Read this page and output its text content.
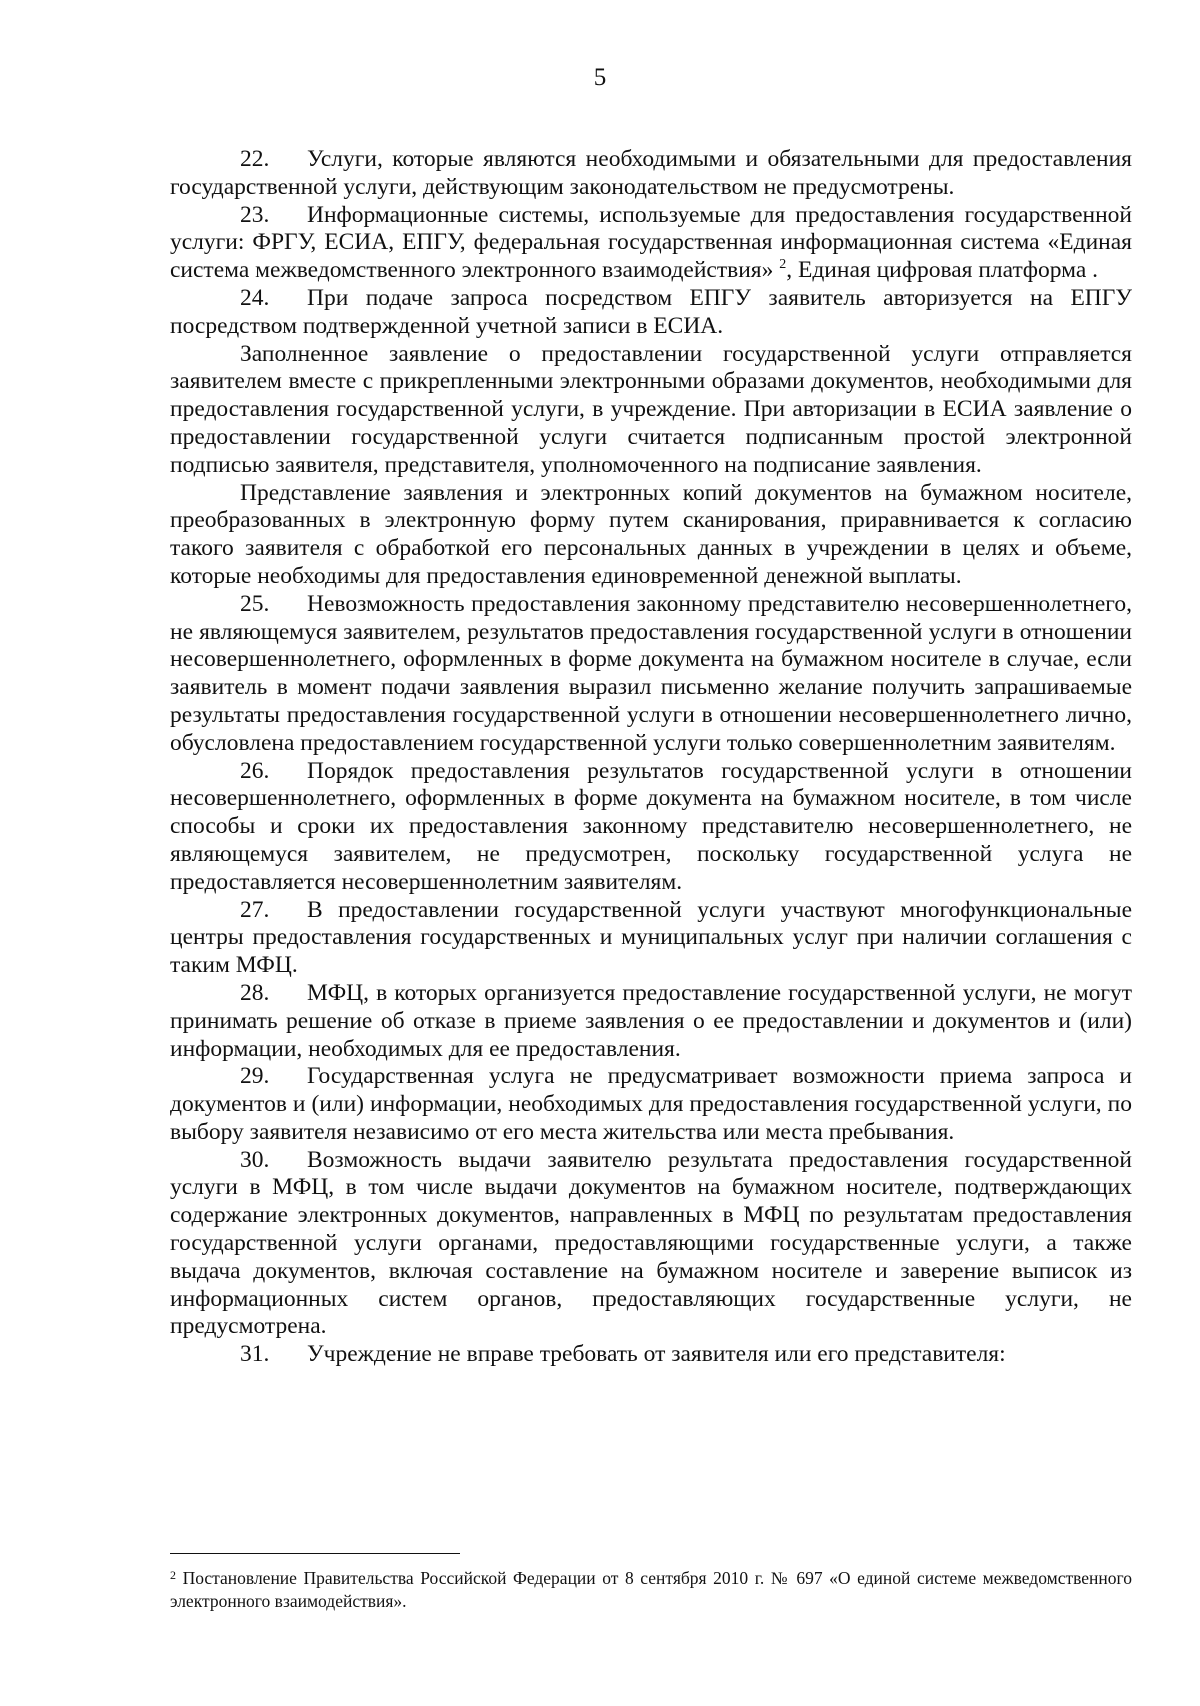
5

22. Услуги, которые являются необходимыми и обязательными для предоставления государственной услуги, действующим законодательством не предусмотрены.

23. Информационные системы, используемые для предоставления государственной услуги: ФРГУ, ЕСИА, ЕПГУ, федеральная государственная информационная система «Единая система межведомственного электронного взаимодействия» $^2$, Единая цифровая платформа .

24. При подаче запроса посредством ЕПГУ заявитель авторизуется на ЕПГУ посредством подтвержденной учетной записи в ЕСИА.

Заполненное заявление о предоставлении государственной услуги отправляется заявителем вместе с прикрепленными электронными образами документов, необходимыми для предоставления государственной услуги, в учреждение. При авторизации в ЕСИА заявление о предоставлении государственной услуги считается подписанным простой электронной подписью заявителя, представителя, уполномоченного на подписание заявления.

Представление заявления и электронных копий документов на бумажном носителе, преобразованных в электронную форму путем сканирования, приравнивается к согласию такого заявителя с обработкой его персональных данных в учреждении в целях и объеме, которые необходимы для предоставления единовременной денежной выплаты.

25. Невозможность предоставления законному представителю несовершеннолетнего, не являющемуся заявителем, результатов предоставления государственной услуги в отношении несовершеннолетнего, оформленных в форме документа на бумажном носителе в случае, если заявитель в момент подачи заявления выразил письменно желание получить запрашиваемые результаты предоставления государственной услуги в отношении несовершеннолетнего лично, обусловлена предоставлением государственной услуги только совершеннолетним заявителям.

26. Порядок предоставления результатов государственной услуги в отношении несовершеннолетнего, оформленных в форме документа на бумажном носителе, в том числе способы и сроки их предоставления законному представителю несовершеннолетнего, не являющемуся заявителем, не предусмотрен, поскольку государственной услуга не предоставляется несовершеннолетним заявителям.

27. В предоставлении государственной услуги участвуют многофункциональные центры предоставления государственных и муниципальных услуг при наличии соглашения с таким МФЦ.

28. МФЦ, в которых организуется предоставление государственной услуги, не могут принимать решение об отказе в приеме заявления о ее предоставлении и документов и (или) информации, необходимых для ее предоставления.

29. Государственная услуга не предусматривает возможности приема запроса и документов и (или) информации, необходимых для предоставления государственной услуги, по выбору заявителя независимо от его места жительства или места пребывания.

30. Возможность выдачи заявителю результата предоставления государственной услуги в МФЦ, в том числе выдачи документов на бумажном носителе, подтверждающих содержание электронных документов, направленных в МФЦ по результатам предоставления государственной услуги органами, предоставляющими государственные услуги, а также выдача документов, включая составление на бумажном носителе и заверение выписок из информационных систем органов, предоставляющих государственные услуги, не предусмотрена.

31. Учреждение не вправе требовать от заявителя или его представителя:

$^2$ Постановление Правительства Российской Федерации от 8 сентября 2010 г. № 697 «О единой системе межведомственного электронного взаимодействия».
